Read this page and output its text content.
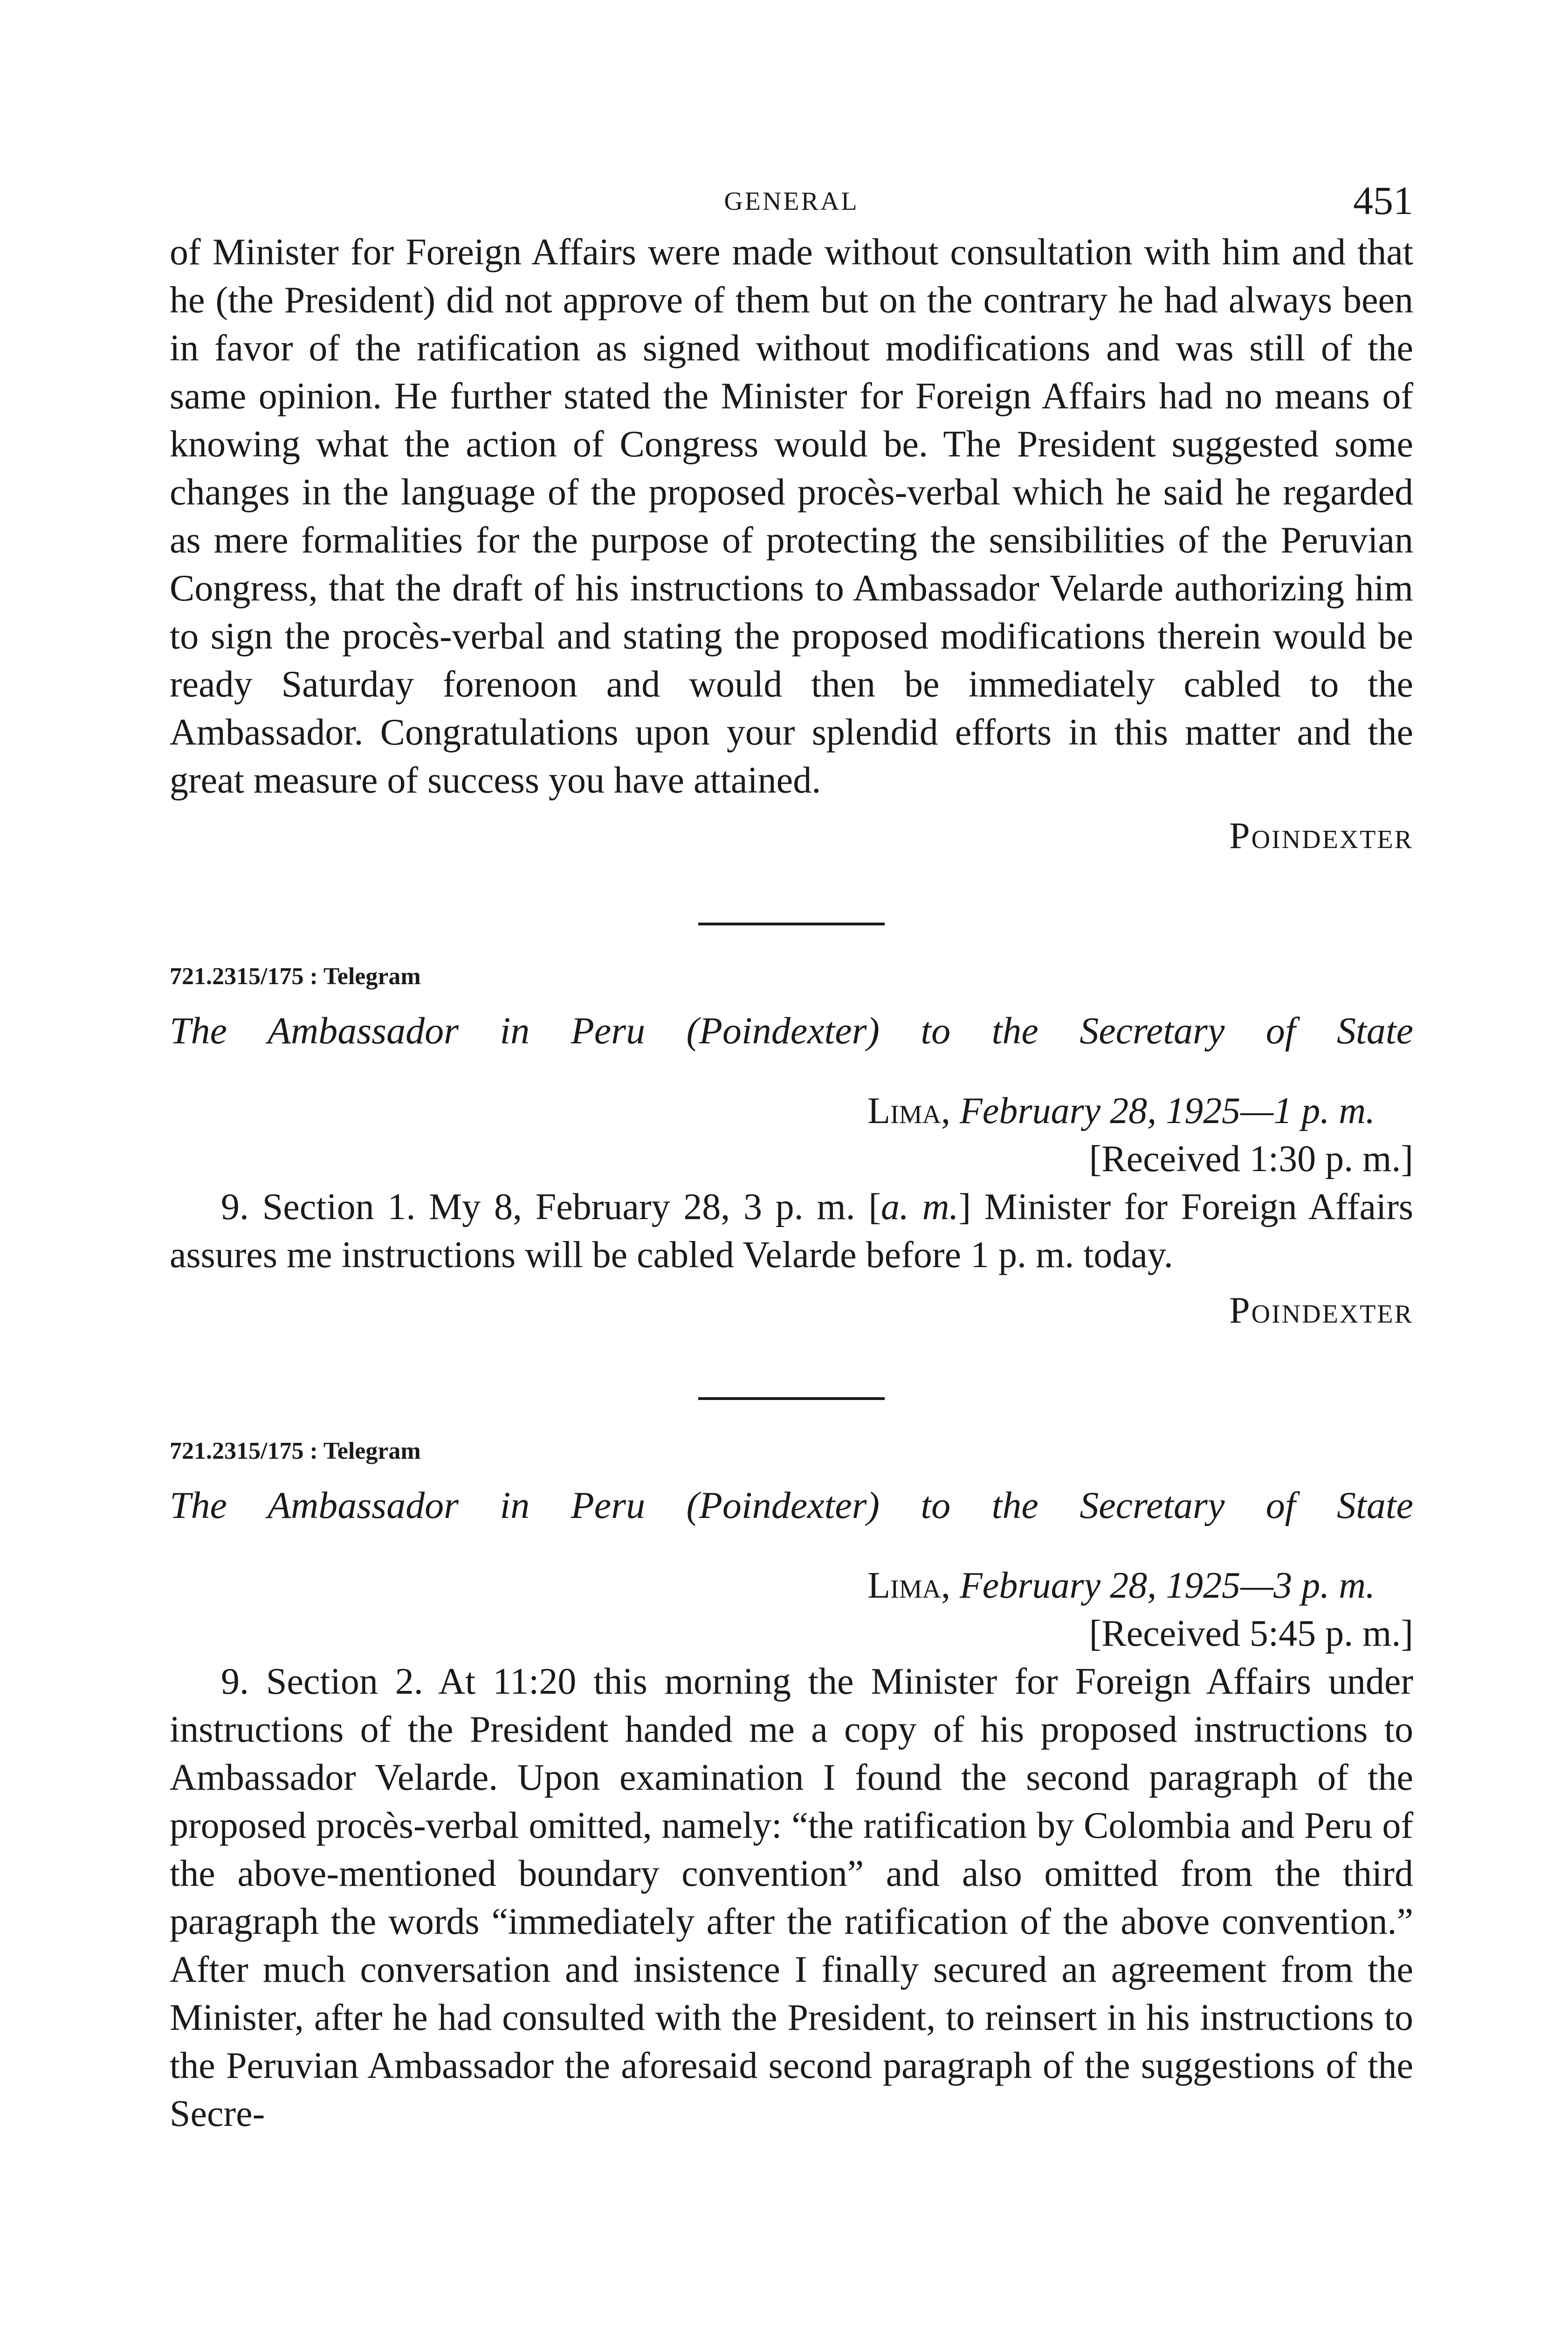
GENERAL	451

of Minister for Foreign Affairs were made without consultation with him and that he (the President) did not approve of them but on the contrary he had always been in favor of the ratification as signed without modifications and was still of the same opinion. He further stated the Minister for Foreign Affairs had no means of knowing what the action of Congress would be. The President suggested some changes in the language of the proposed procès-verbal which he said he regarded as mere formalities for the purpose of protecting the sensibilities of the Peruvian Congress, that the draft of his instructions to Ambassador Velarde authorizing him to sign the procès-verbal and stating the proposed modifications therein would be ready Saturday forenoon and would then be immediately cabled to the Ambassador. Congratulations upon your splendid efforts in this matter and the great measure of success you have attained.

Poindexter

721.2315/175 : Telegram

The Ambassador in Peru (Poindexter) to the Secretary of State

Lima, February 28, 1925—1 p. m.

[Received 1:30 p. m.]

9. Section 1. My 8, February 28, 3 p. m. [a. m.] Minister for Foreign Affairs assures me instructions will be cabled Velarde before 1 p. m. today.

Poindexter

721.2315/175 : Telegram

The Ambassador in Peru (Poindexter) to the Secretary of State

Lima, February 28, 1925—3 p. m.

[Received 5:45 p. m.]

9. Section 2. At 11:20 this morning the Minister for Foreign Affairs under instructions of the President handed me a copy of his proposed instructions to Ambassador Velarde. Upon examination I found the second paragraph of the proposed procès-verbal omitted, namely: “the ratification by Colombia and Peru of the above-mentioned boundary convention” and also omitted from the third paragraph the words “immediately after the ratification of the above convention.” After much conversation and insistence I finally secured an agreement from the Minister, after he had consulted with the President, to reinsert in his instructions to the Peruvian Ambassador the aforesaid second paragraph of the suggestions of the Secre-
